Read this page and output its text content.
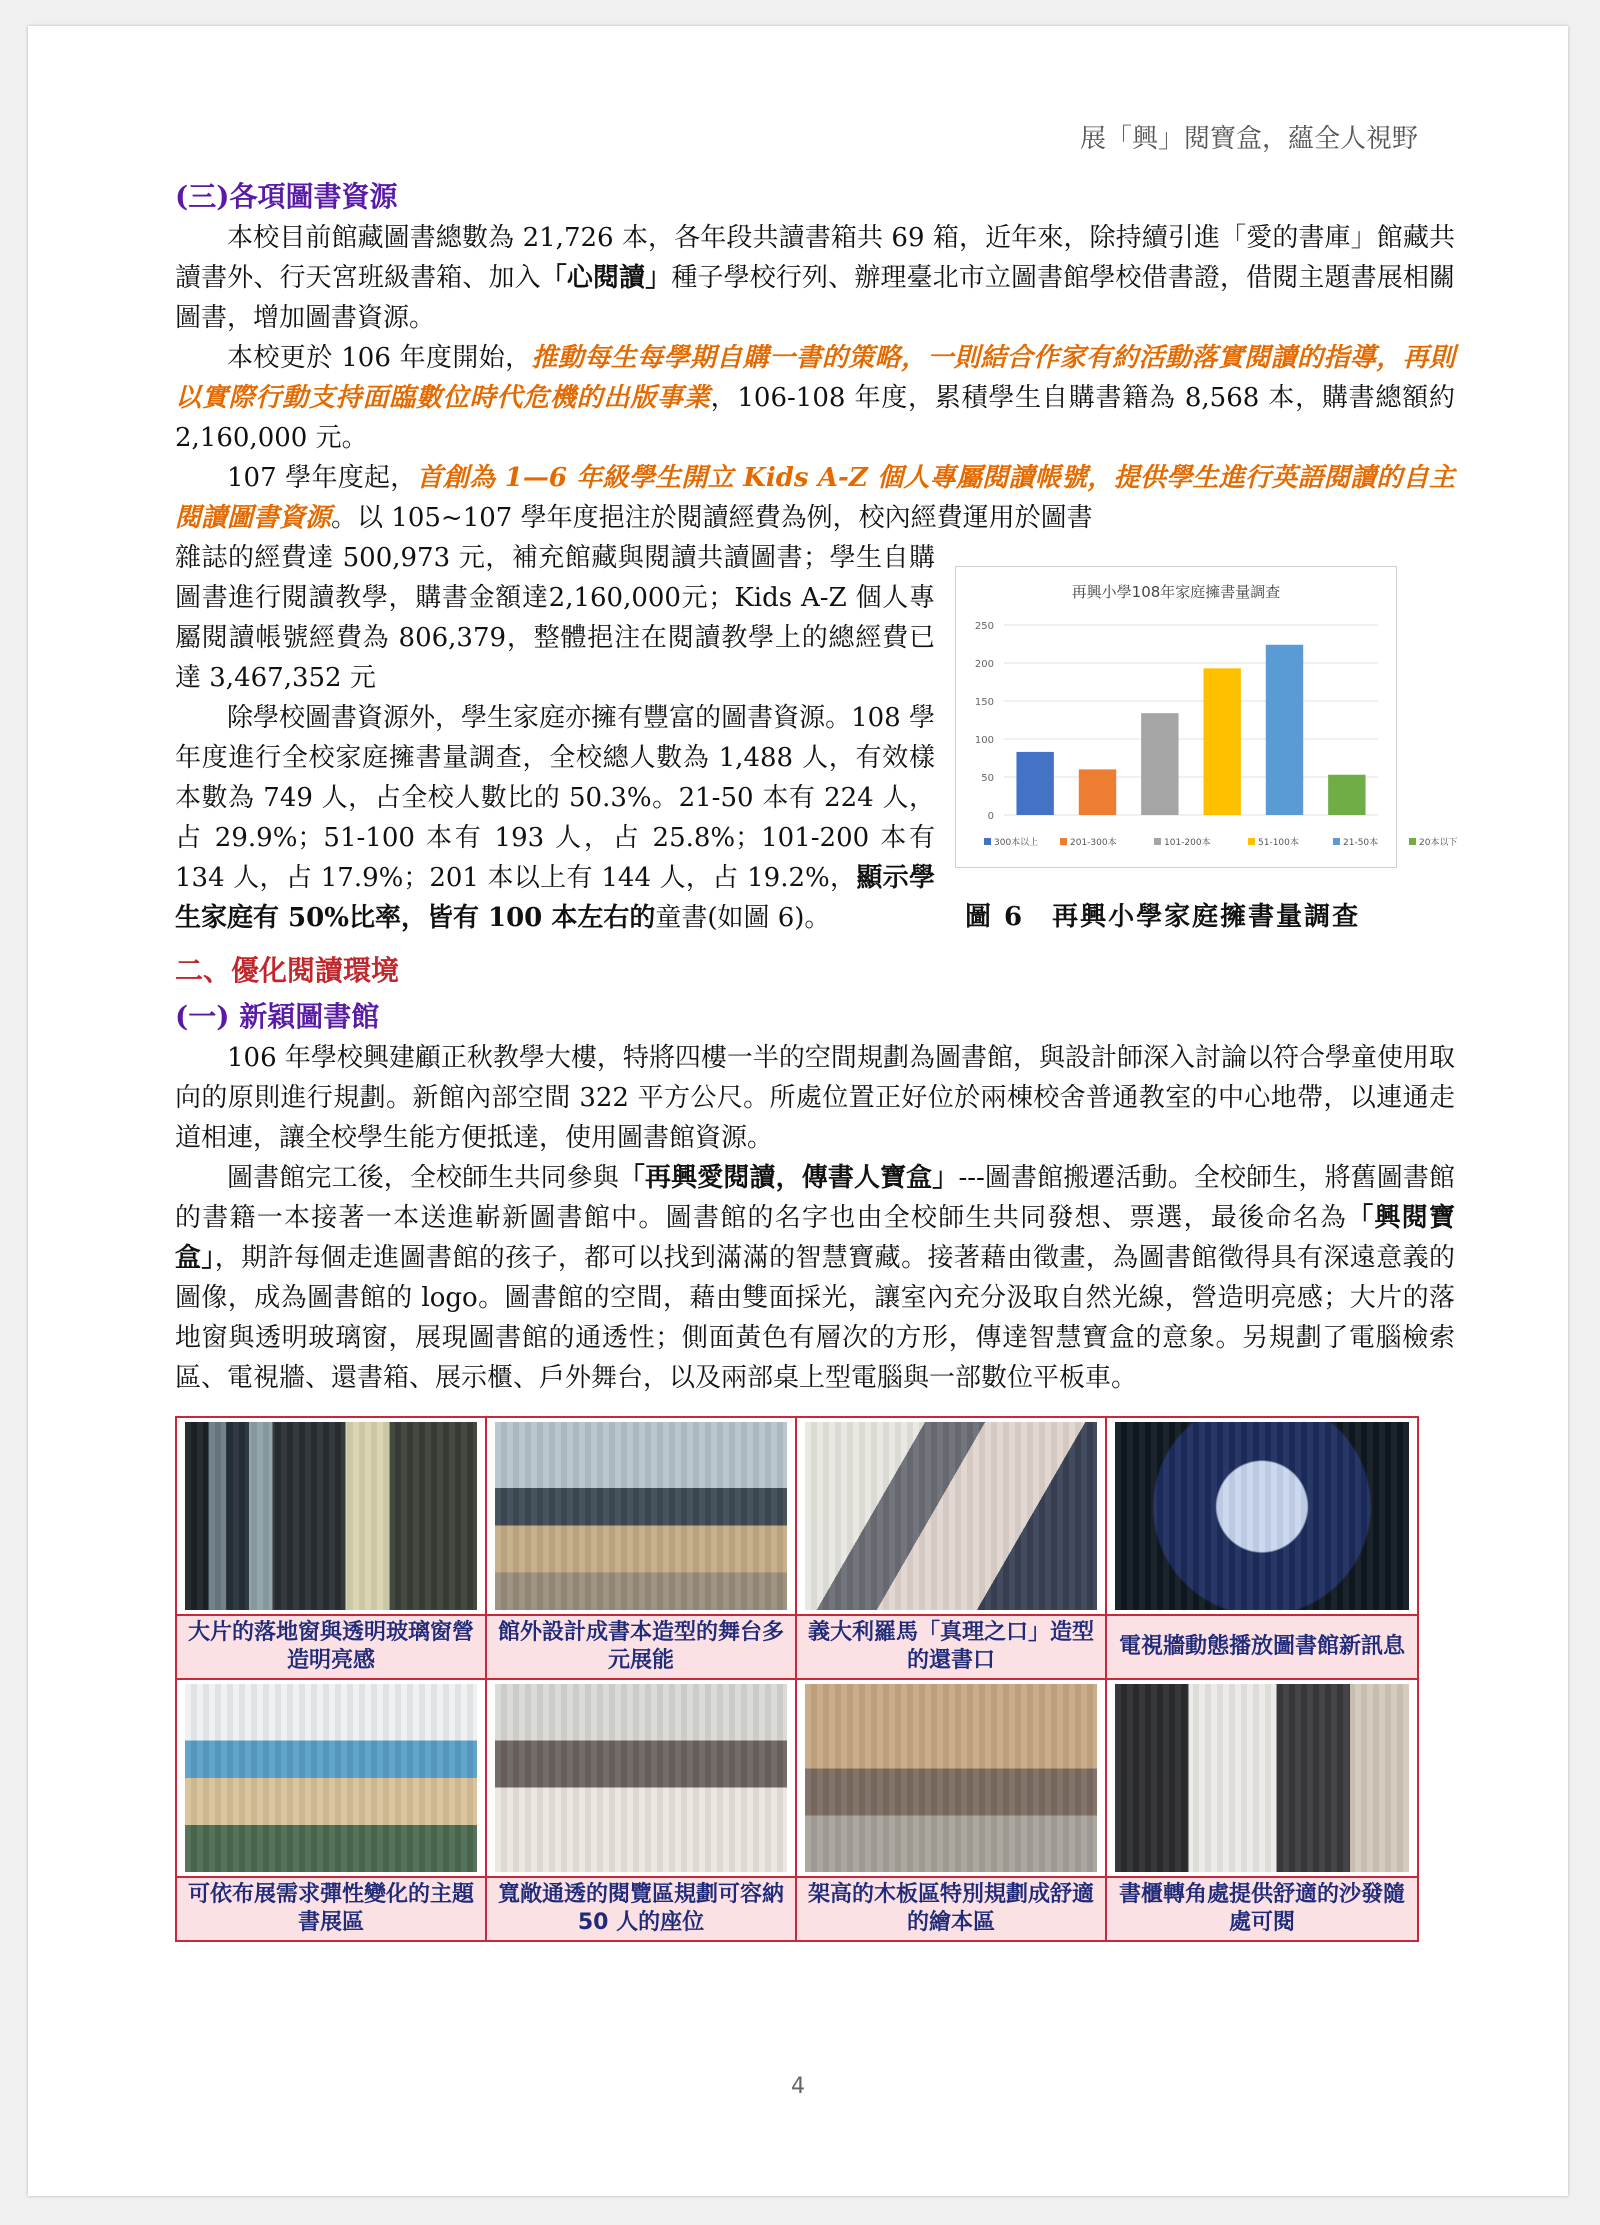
展「興」閱寶盒，蘊全人視野
(三)各項圖書資源

本校目前館藏圖書總數為 21,726 本，各年段共讀書箱共 69 箱，近年來，除持續引進「愛的書庫」館藏共讀書外、行天宮班級書箱、加入「心閱讀」種子學校行列、辦理臺北市立圖書館學校借書證，借閱主題書展相關圖書，增加圖書資源。

本校更於 106 年度開始，推動每生每學期自購一書的策略，一則結合作家有約活動落實閱讀的指導，再則以實際行動支持面臨數位時代危機的出版事業，106-108 年度，累積學生自購書籍為 8,568 本，購書總額約 2,160,000 元。

107 學年度起，首創為 1—6 年級學生開立 Kids A-Z 個人專屬閱讀帳號，提供學生進行英語閱讀的自主閱讀圖書資源。以 105~107 學年度挹注於閱讀經費為例，校內經費運用於圖書

雜誌的經費達 500,973 元，補充館藏與閱讀共讀圖書；學生自購圖書進行閱讀教學，購書金額達2,160,000元；Kids A-Z 個人專屬閱讀帳號經費為 806,379，整體挹注在閱讀教學上的總經費已達 3,467,352 元

除學校圖書資源外，學生家庭亦擁有豐富的圖書資源。108 學年度進行全校家庭擁書量調查，全校總人數為 1,488 人，有效樣本數為 749 人，占全校人數比的 50.3%。21-50 本有 224 人，占 29.9%；51-100 本有 193 人，占 25.8%；101-200 本有 134 人，占 17.9%；201 本以上有 144 人，占 19.2%，顯示學生家庭有 50%比率，皆有 100 本左右的童書(如圖 6)。

再興小學108年家庭擁書量調查
0
50
100
150
200
250
300本以上	201-300本	101-200本	51-100本	21-50本	20本以下
圖 6　再興小學家庭擁書量調查
二、優化閱讀環境
(一) 新穎圖書館

106 年學校興建顧正秋教學大樓，特將四樓一半的空間規劃為圖書館，與設計師深入討論以符合學童使用取向的原則進行規劃。新館內部空間 322 平方公尺。所處位置正好位於兩棟校舍普通教室的中心地帶，以連通走道相連，讓全校學生能方便抵達，使用圖書館資源。

圖書館完工後，全校師生共同參與「再興愛閱讀，傳書人寶盒」---圖書館搬遷活動。全校師生，將舊圖書館的書籍一本接著一本送進嶄新圖書館中。圖書館的名字也由全校師生共同發想、票選，最後命名為「興閱寶盒」，期許每個走進圖書館的孩子，都可以找到滿滿的智慧寶藏。接著藉由徵畫，為圖書館徵得具有深遠意義的圖像，成為圖書館的 logo。圖書館的空間，藉由雙面採光，讓室內充分汲取自然光線，營造明亮感；大片的落地窗與透明玻璃窗，展現圖書館的通透性；側面黃色有層次的方形，傳達智慧寶盒的意象。另規劃了電腦檢索區、電視牆、還書箱、展示櫃、戶外舞台，以及兩部桌上型電腦與一部數位平板車。

大片的落地窗與透明玻璃窗營造明亮感
館外設計成書本造型的舞台多元展能
義大利羅馬「真理之口」造型的還書口
電視牆動態播放圖書館新訊息
可依布展需求彈性變化的主題書展區
寬敞通透的閱覽區規劃可容納 50 人的座位
架高的木板區特別規劃成舒適的繪本區
書櫃轉角處提供舒適的沙發隨處可閱
4
